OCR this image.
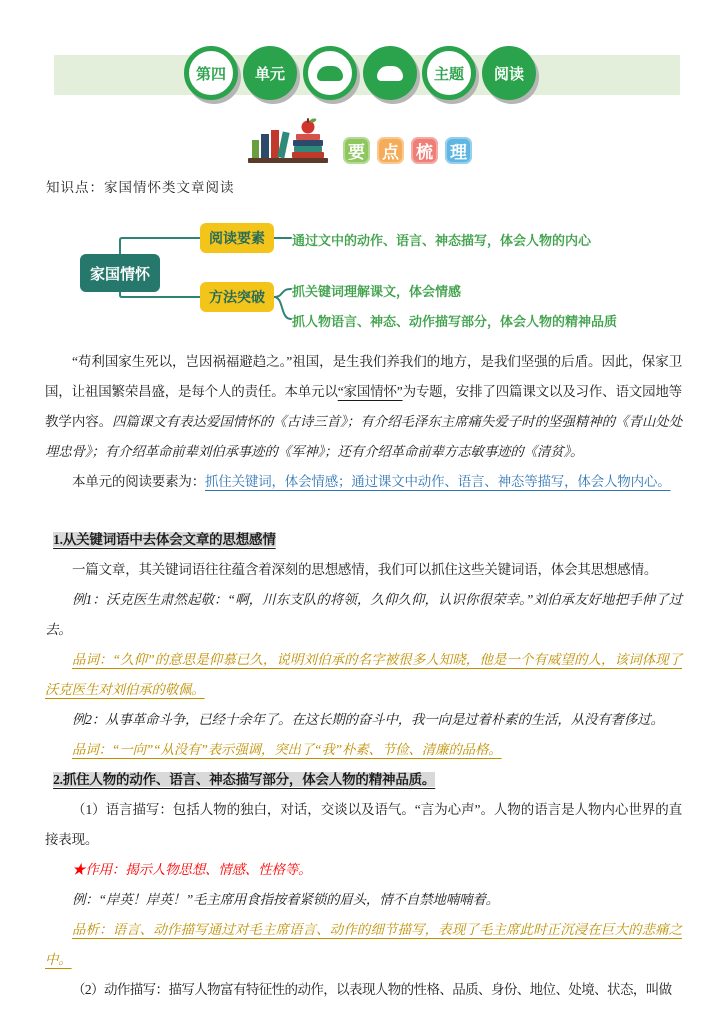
第四	单元	主题	阅读
要 点 梳 理
知识点：家国情怀类文章阅读
家国情怀
阅读要素
方法突破
通过文中的动作、语言、神态描写，体会人物的内心
抓关键词理解课文，体会情感
抓人物语言、神态、动作描写部分，体会人物的精神品质

“苟利国家生死以，岂因祸福避趋之。”祖国，是生我们养我们的地方，是我们坚强的后盾。因此，保家卫国，让祖国繁荣昌盛，是每个人的责任。本单元以“家国情怀”为专题，安排了四篇课文以及习作、语文园地等教学内容。四篇课文有表达爱国情怀的《古诗三首》；有介绍毛泽东主席痛失爱子时的坚强精神的《青山处处埋忠骨》；有介绍革命前辈刘伯承事迹的《军神》；还有介绍革命前辈方志敏事迹的《清贫》。

本单元的阅读要素为：抓住关键词，体会情感；通过课文中动作、语言、神态等描写，体会人物内心。

1.从关键词语中去体会文章的思想感情

一篇文章，其关键词语往往蕴含着深刻的思想感情，我们可以抓住这些关键词语，体会其思想感情。

例1：沃克医生肃然起敬：“啊，川东支队的将领，久仰久仰，认识你很荣幸。”刘伯承友好地把手伸了过去。

品词：“久仰”的意思是仰慕已久，说明刘伯承的名字被很多人知晓，他是一个有威望的人，该词体现了沃克医生对刘伯承的敬佩。

例2：从事革命斗争，已经十余年了。在这长期的奋斗中，我一向是过着朴素的生活，从没有奢侈过。

品词：“一向”“从没有”表示强调，突出了“我”朴素、节俭、清廉的品格。

2.抓住人物的动作、语言、神态描写部分，体会人物的精神品质。

（1）语言描写：包括人物的独白，对话，交谈以及语气。“言为心声”。人物的语言是人物内心世界的直接表现。

★作用：揭示人物思想、情感、性格等。

例：“岸英！岸英！”毛主席用食指按着紧锁的眉头，情不自禁地喃喃着。

品析：语言、动作描写通过对毛主席语言、动作的细节描写，表现了毛主席此时正沉浸在巨大的悲痛之中。

（2）动作描写：描写人物富有特征性的动作，以表现人物的性格、品质、身份、地位、处境、状态，叫做
